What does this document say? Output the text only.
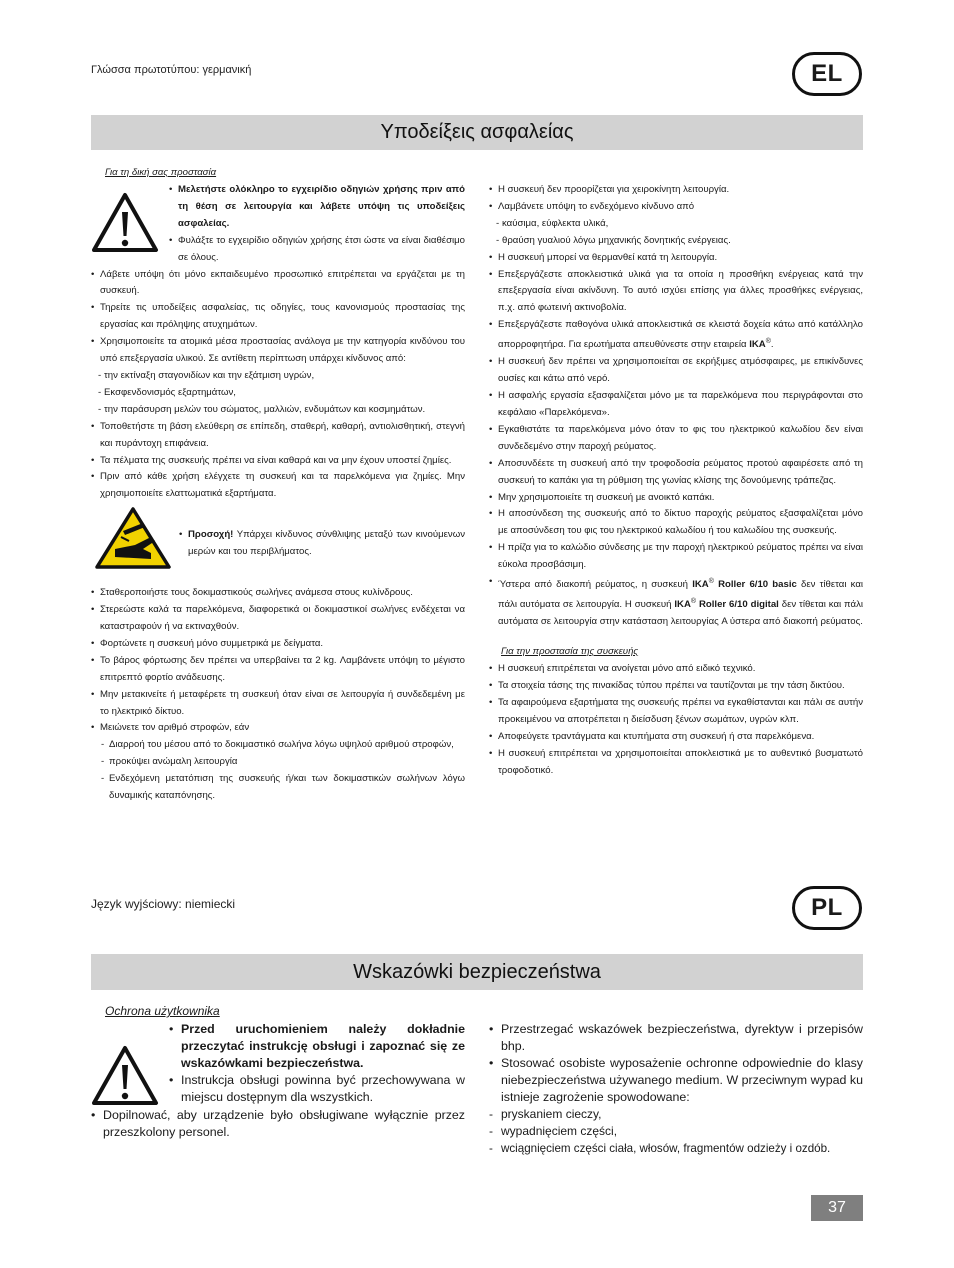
Γλώσσα πρωτοτύπου: γερμανική	EL
Υποδείξεις ασφαλείας
Για τη δική σας προστασία

• Μελετήστε ολόκληρο το εγχειρίδιο οδηγιών χρήσης πριν από τη θέση σε λειτουργία και λάβετε υπόψη τις υποδείξεις ασφαλείας.

• Φυλάξτε το εγχειρίδιο οδηγιών χρήσης έτσι ώστε να είναι διαθέσιμο σε όλους.

• Λάβετε υπόψη ότι μόνο εκπαιδευμένο προσωπικό επιτρέπεται να εργάζεται με τη συσκευή.

• Τηρείτε τις υποδείξεις ασφαλείας, τις οδηγίες, τους κανονισμούς προστασίας της εργασίας και πρόληψης ατυχημάτων.

• Χρησιμοποιείτε τα ατομικά μέσα προστασίας ανάλογα με την κατηγορία κινδύνου του υπό επεξεργασία υλικού. Σε αντίθετη περίπτωση υπάρχει κίνδυνος από:

- την εκτίναξη σταγονιδίων και την εξάτμιση υγρών,

- Εκσφενδονισμός εξαρτημάτων,

- την παράσυρση μελών του σώματος, μαλλιών, ενδυμάτων και κοσμημάτων.

• Τοποθετήστε τη βάση ελεύθερη σε επίπεδη, σταθερή, καθαρή, αντιολισθητική, στεγνή και πυράντοχη επιφάνεια.

• Τα πέλματα της συσκευής πρέπει να είναι καθαρά και να μην έχουν υποστεί ζημίες.

• Πριν από κάθε χρήση ελέγχετε τη συσκευή και τα παρελκόμενα για ζημίες. Μην χρησιμοποιείτε ελαττωματικά εξαρτήματα.

• Προσοχή! Υπάρχει κίνδυνος σύνθλιψης μεταξύ των κινούμενων μερών και του περιβλήματος.

• Σταθεροποιήστε τους δοκιμαστικούς σωλήνες ανάμεσα στους κυλίνδρους.

• Στερεώστε καλά τα παρελκόμενα, διαφορετικά οι δοκιμαστικοί σωλήνες ενδέχεται να καταστραφούν ή να εκτιναχθούν.

• Φορτώνετε η συσκευή μόνο συμμετρικά με δείγματα.

• Το βάρος φόρτωσης δεν πρέπει να υπερβαίνει τα 2 kg. Λαμβάνετε υπόψη το μέγιστο επιτρεπτό φορτίο ανάδευσης.

• Μην μετακινείτε ή μεταφέρετε τη συσκευή όταν είναι σε λειτουργία ή συνδεδεμένη με το ηλεκτρικό δίκτυο.

• Μειώνετε τον αριθμό στροφών, εάν

- Διαρροή του μέσου από το δοκιμαστικό σωλήνα λόγω υψηλού αριθμού στροφών,

- προκύψει ανώμαλη λειτουργία

- Ενδεχόμενη μετατόπιση της συσκευής ή/και των δοκιμαστικών σωλήνων λόγω δυναμικής καταπόνησης.

• Η συσκευή δεν προορίζεται για χειροκίνητη λειτουργία.

• Λαμβάνετε υπόψη το ενδεχόμενο κίνδυνο από

- καύσιμα, εύφλεκτα υλικά,

- θραύση γυαλιού λόγω μηχανικής δονητικής ενέργειας.

• Η συσκευή μπορεί να θερμανθεί κατά τη λειτουργία.

• Επεξεργάζεστε αποκλειστικά υλικά για τα οποία η προσθήκη ενέργειας κατά την επεξεργασία είναι ακίνδυνη. Το αυτό ισχύει επίσης για άλλες προσθήκες ενέργειας, π.χ. από φωτεινή ακτινοβολία.

• Επεξεργάζεστε παθογόνα υλικά αποκλειστικά σε κλειστά δοχεία κάτω από κατάλληλο απορροφητήρα. Για ερωτήματα απευθύνεστε στην εταιρεία IKA®.

• Η συσκευή δεν πρέπει να χρησιμοποιείται σε εκρήξιμες ατμόσφαιρες, με επικίνδυνες ουσίες και κάτω από νερό.

• Η ασφαλής εργασία εξασφαλίζεται μόνο με τα παρελκόμενα που περιγράφονται στο κεφάλαιο «Παρελκόμενα».

• Εγκαθιστάτε τα παρελκόμενα μόνο όταν το φις του ηλεκτρικού καλωδίου δεν είναι συνδεδεμένο στην παροχή ρεύματος.

• Αποσυνδέετε τη συσκευή από την τροφοδοσία ρεύματος προτού αφαιρέσετε από τη συσκευή το καπάκι για τη ρύθμιση της γωνίας κλίσης της δονούμενης τράπεζας.

• Μην χρησιμοποιείτε τη συσκευή με ανοικτό καπάκι.

• Η αποσύνδεση της συσκευής από το δίκτυο παροχής ρεύματος εξασφαλίζεται μόνο με αποσύνδεση του φις του ηλεκτρικού καλωδίου ή του καλωδίου της συσκευής.

• Η πρίζα για το καλώδιο σύνδεσης με την παροχή ηλεκτρικού ρεύματος πρέπει να είναι εύκολα προσβάσιμη.

• Ύστερα από διακοπή ρεύματος, η συσκευή IKA® Roller 6/10 basic δεν τίθεται και πάλι αυτόματα σε λειτουργία. Η συσκευή IKA® Roller 6/10 digital δεν τίθεται και πάλι αυτόματα σε λειτουργία στην κατάσταση λειτουργίας A ύστερα από διακοπή ρεύματος.

Για την προστασία της συσκευής

• Η συσκευή επιτρέπεται να ανοίγεται μόνο από ειδικό τεχνικό.

• Τα στοιχεία τάσης της πινακίδας τύπου πρέπει να ταυτίζονται με την τάση δικτύου.

• Τα αφαιρούμενα εξαρτήματα της συσκευής πρέπει να εγκαθίστανται και πάλι σε αυτήν προκειμένου να αποτρέπεται η διείσδυση ξένων σωμάτων, υγρών κλπ.

• Αποφεύγετε τραντάγματα και κτυπήματα στη συσκευή ή στα παρελκόμενα.

• Η συσκευή επιτρέπεται να χρησιμοποιείται αποκλειστικά με το αυθεντικό βυσματωτό τροφοδοτικό.

Język wyjściowy: niemiecki	PL
Wskazówki bezpieczeństwa
Ochrona użytkownika

• Przed uruchomieniem należy dokładnie przeczytać instrukcję obsługi i zapoznać się ze wskazówkami bezpieczeństwa.

• Instrukcja obsługi powinna być przechowywana w miejscu dostępnym dla wszystkich.

• Dopilnować, aby urządzenie było obsługiwane wyłącznie przez przeszkolony personel.

• Przestrzegać wskazówek bezpieczeństwa, dyrektyw i przepisów bhp.

• Stosować osobiste wyposażenie ochronne odpowiednie do klasy niebezpieczeństwa używanego medium. W przeciwnym wypad ku istnieje zagrożenie spowodowane:

- pryskaniem cieczy,

- wypadnięciem części,

- wciągnięciem części ciała, włosów, fragmentów odzieży i ozdób.

37
